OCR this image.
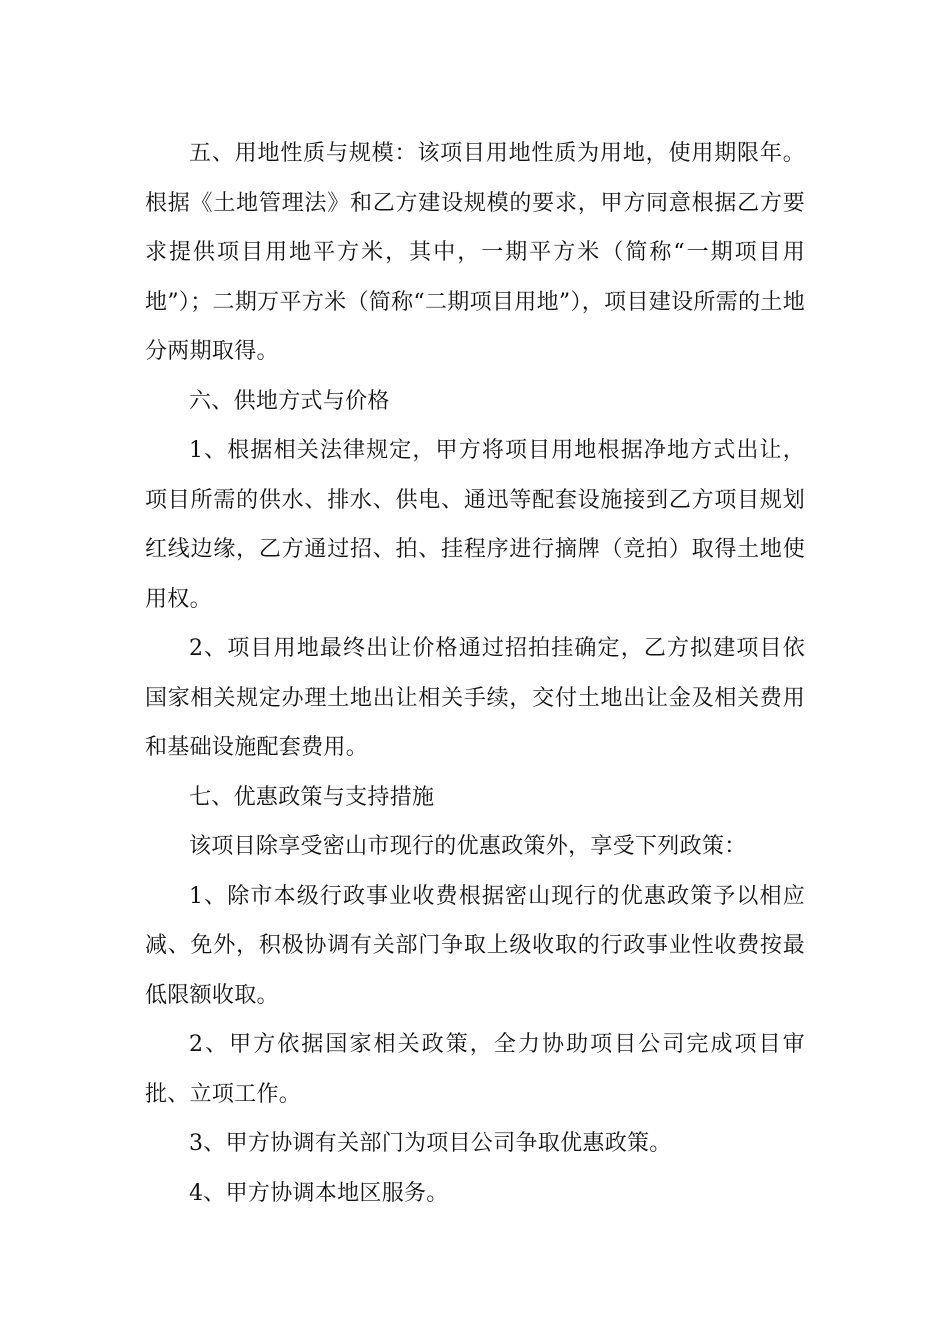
五、用地性质与规模：该项目用地性质为用地，使用期限年。根据《土地管理法》和乙方建设规模的要求，甲方同意根据乙方要求提供项目用地平方米，其中，一期平方米（简称“一期项目用地”）；二期万平方米（简称“二期项目用地”），项目建设所需的土地分两期取得。

六、供地方式与价格

1、根据相关法律规定，甲方将项目用地根据净地方式出让，项目所需的供水、排水、供电、通迅等配套设施接到乙方项目规划红线边缘，乙方通过招、拍、挂程序进行摘牌（竞拍）取得土地使用权。

2、项目用地最终出让价格通过招拍挂确定，乙方拟建项目依国家相关规定办理土地出让相关手续，交付土地出让金及相关费用和基础设施配套费用。

七、优惠政策与支持措施

该项目除享受密山市现行的优惠政策外，享受下列政策：

1、除市本级行政事业收费根据密山现行的优惠政策予以相应减、免外，积极协调有关部门争取上级收取的行政事业性收费按最低限额收取。

2、甲方依据国家相关政策，全力协助项目公司完成项目审批、立项工作。

3、甲方协调有关部门为项目公司争取优惠政策。

4、甲方协调本地区服务。
